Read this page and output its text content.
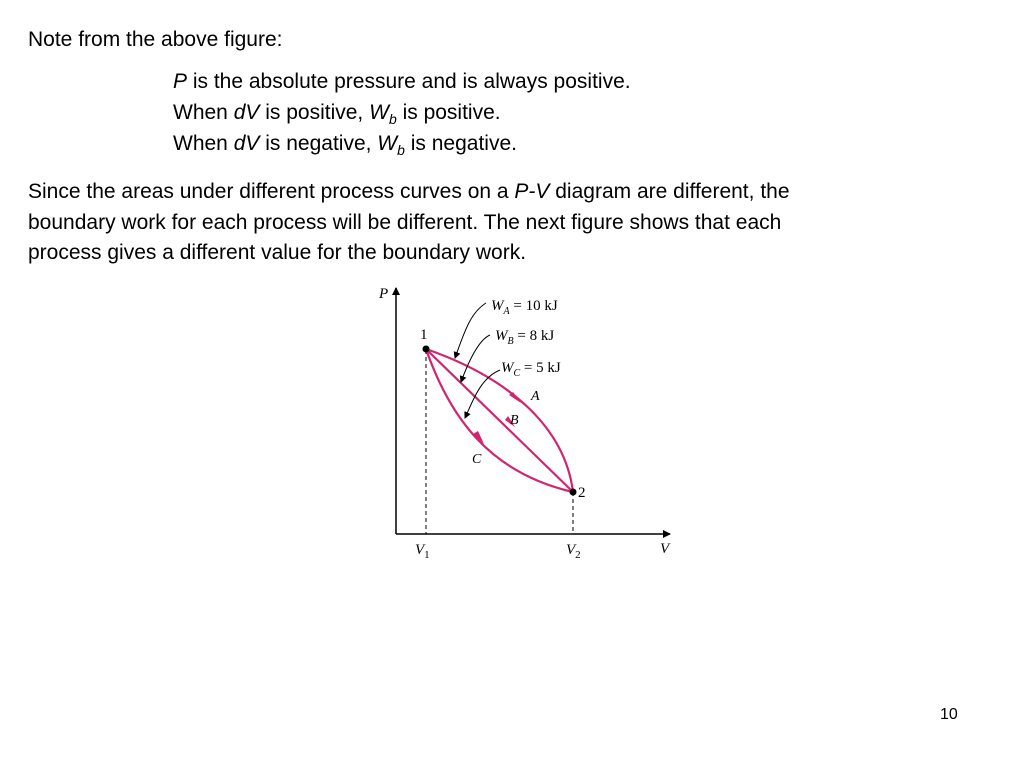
Note from the above figure:
P is the absolute pressure and is always positive.
When dV is positive, $W_b$ is positive.
When dV is negative, $W_b$ is negative.
Since the areas under different process curves on a P-V diagram are different, the
boundary work for each process will be different. The next figure shows that each
process gives a different value for the boundary work.
P
V
$V_1$	$V_2$
1
2
A
B
C
$W_A = 10$ kJ
$W_B = 8$ kJ
$W_C = 5$ kJ
10
